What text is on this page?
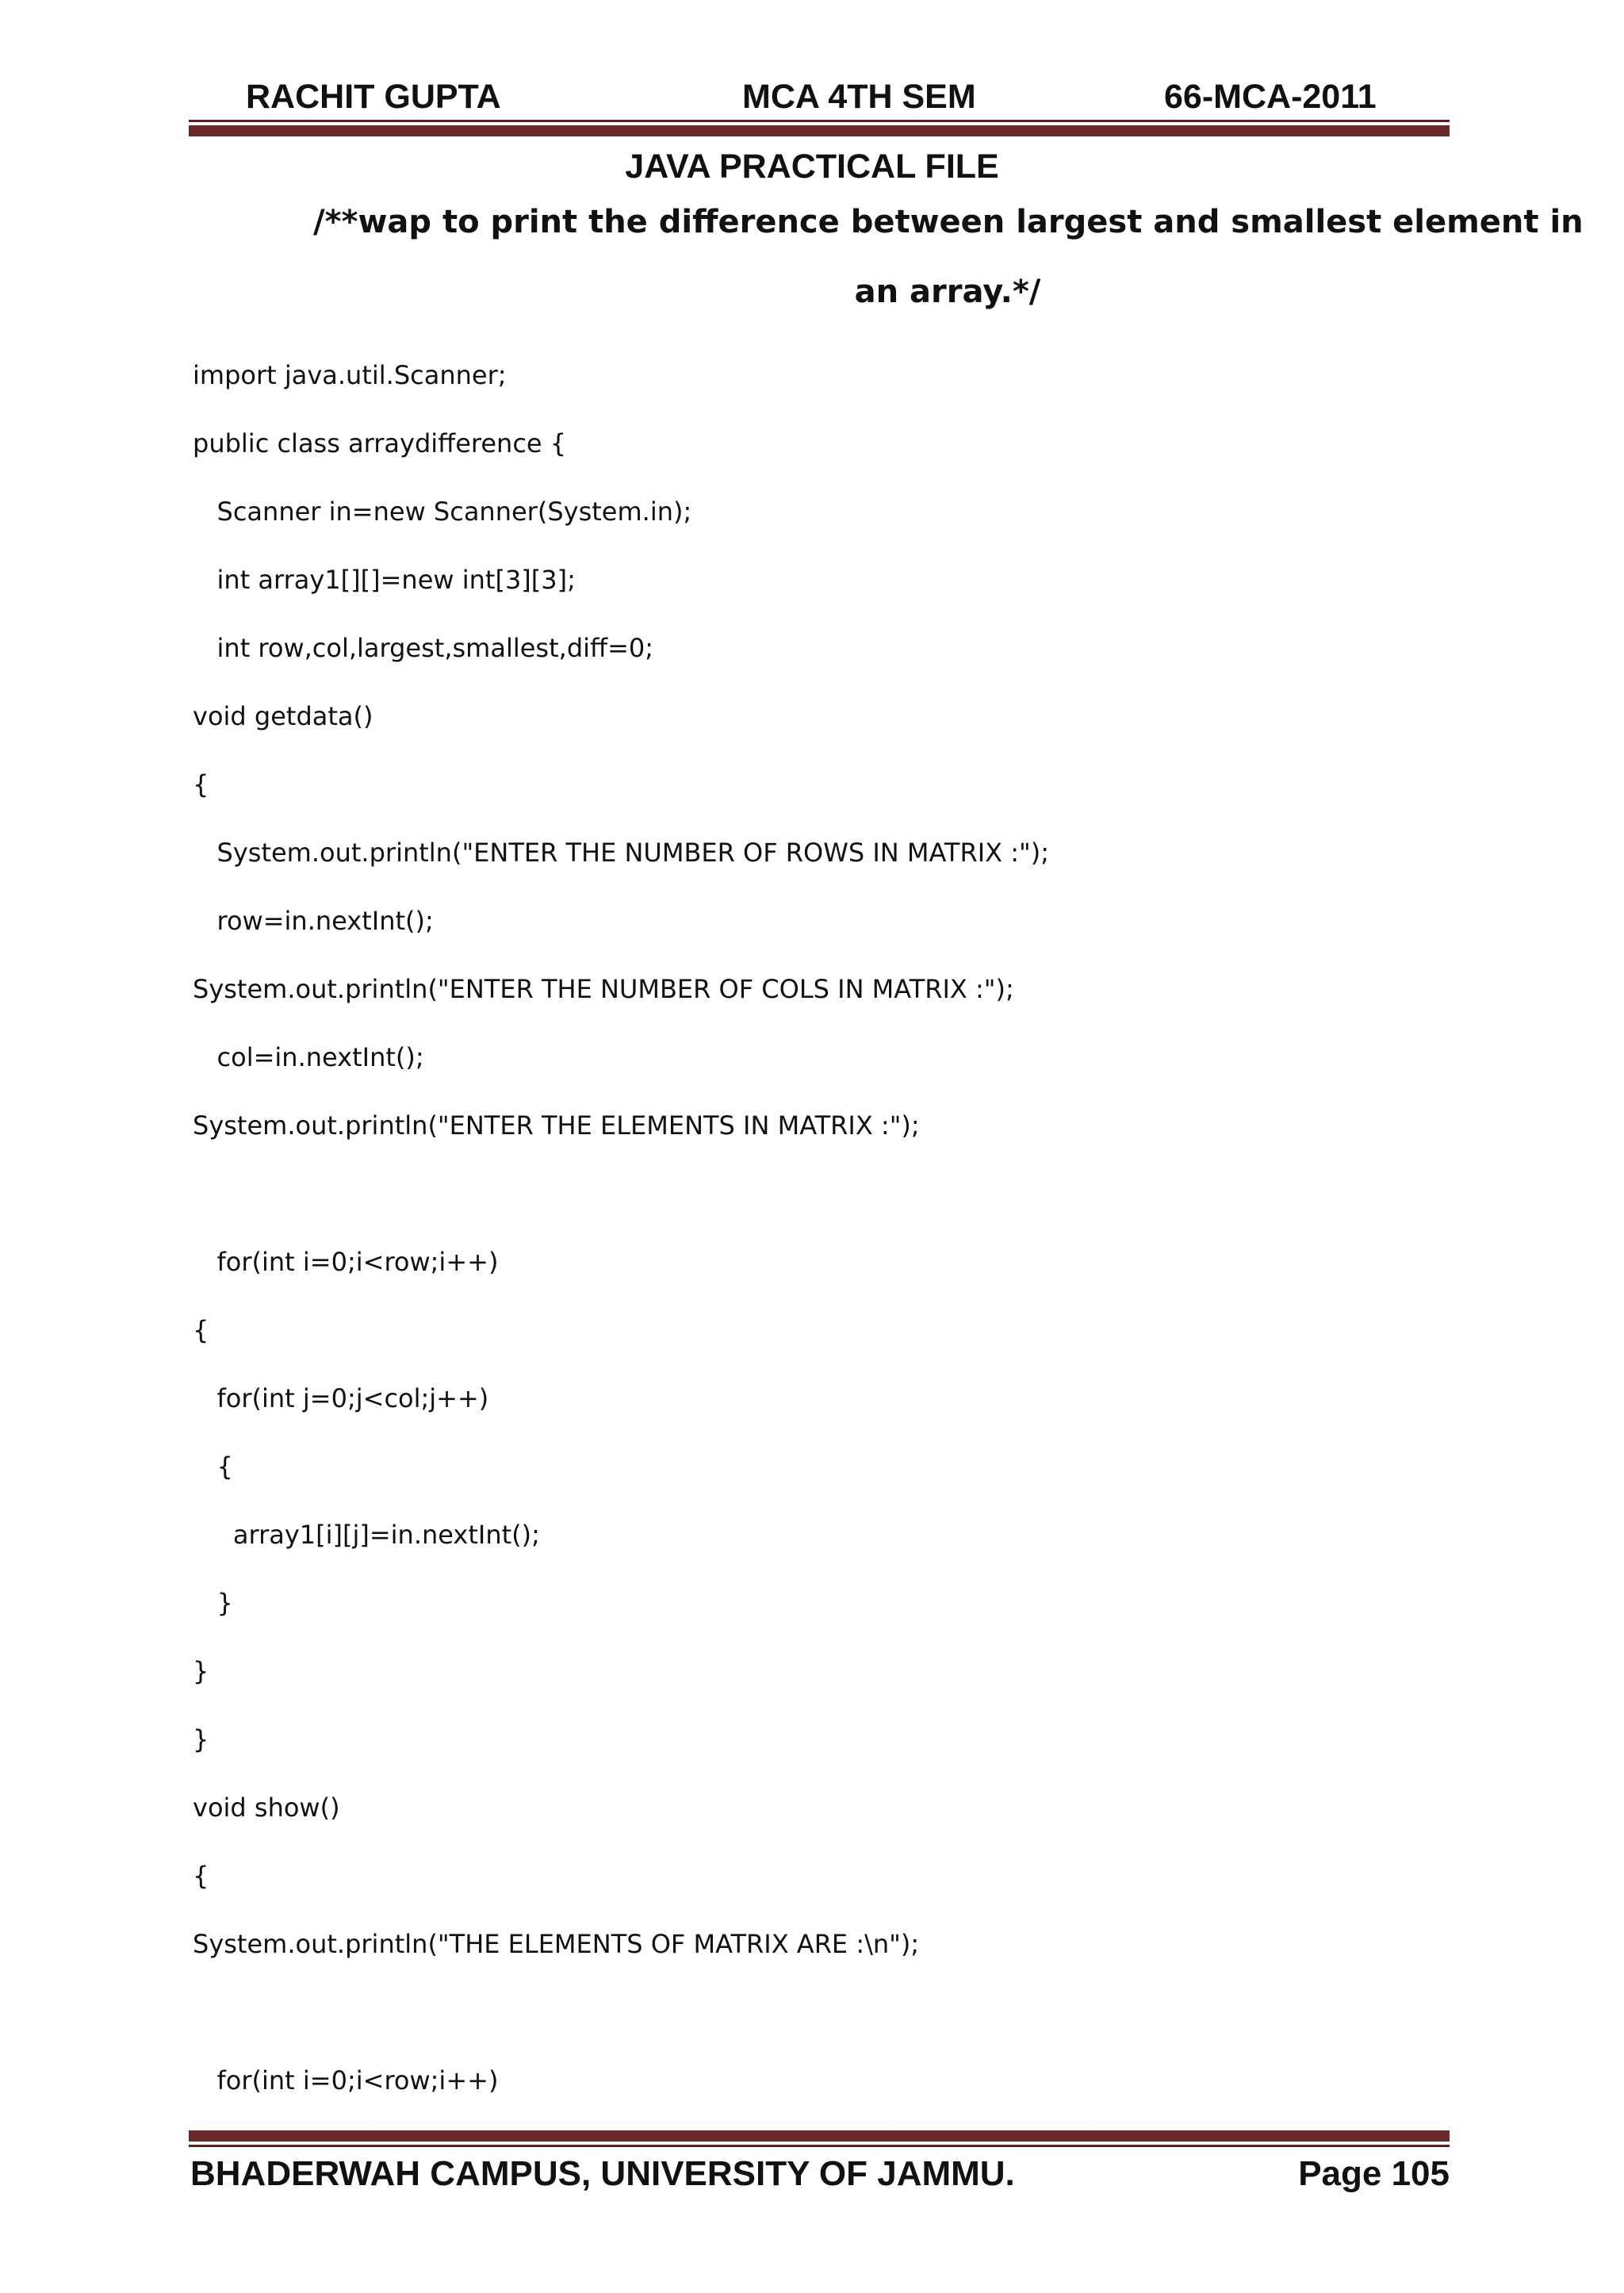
RACHIT GUPTA	MCA 4TH SEM	66-MCA-2011
JAVA PRACTICAL FILE
/**wap to print the difference between largest and smallest element in
an array.*/
import java.util.Scanner;
public class arraydifference {
Scanner in=new Scanner(System.in);
int array1[][]=new int[3][3];
int row,col,largest,smallest,diff=0;
void getdata()
{
System.out.println("ENTER THE NUMBER OF ROWS IN MATRIX :");
row=in.nextInt();
System.out.println("ENTER THE NUMBER OF COLS IN MATRIX :");
col=in.nextInt();
System.out.println("ENTER THE ELEMENTS IN MATRIX :");
for(int i=0;i<row;i++)
{
for(int j=0;j<col;j++)
{
array1[i][j]=in.nextInt();
}
}
}
void show()
{
System.out.println("THE ELEMENTS OF MATRIX ARE :\n");
for(int i=0;i<row;i++)
BHADERWAH CAMPUS, UNIVERSITY OF JAMMU.	Page 105
